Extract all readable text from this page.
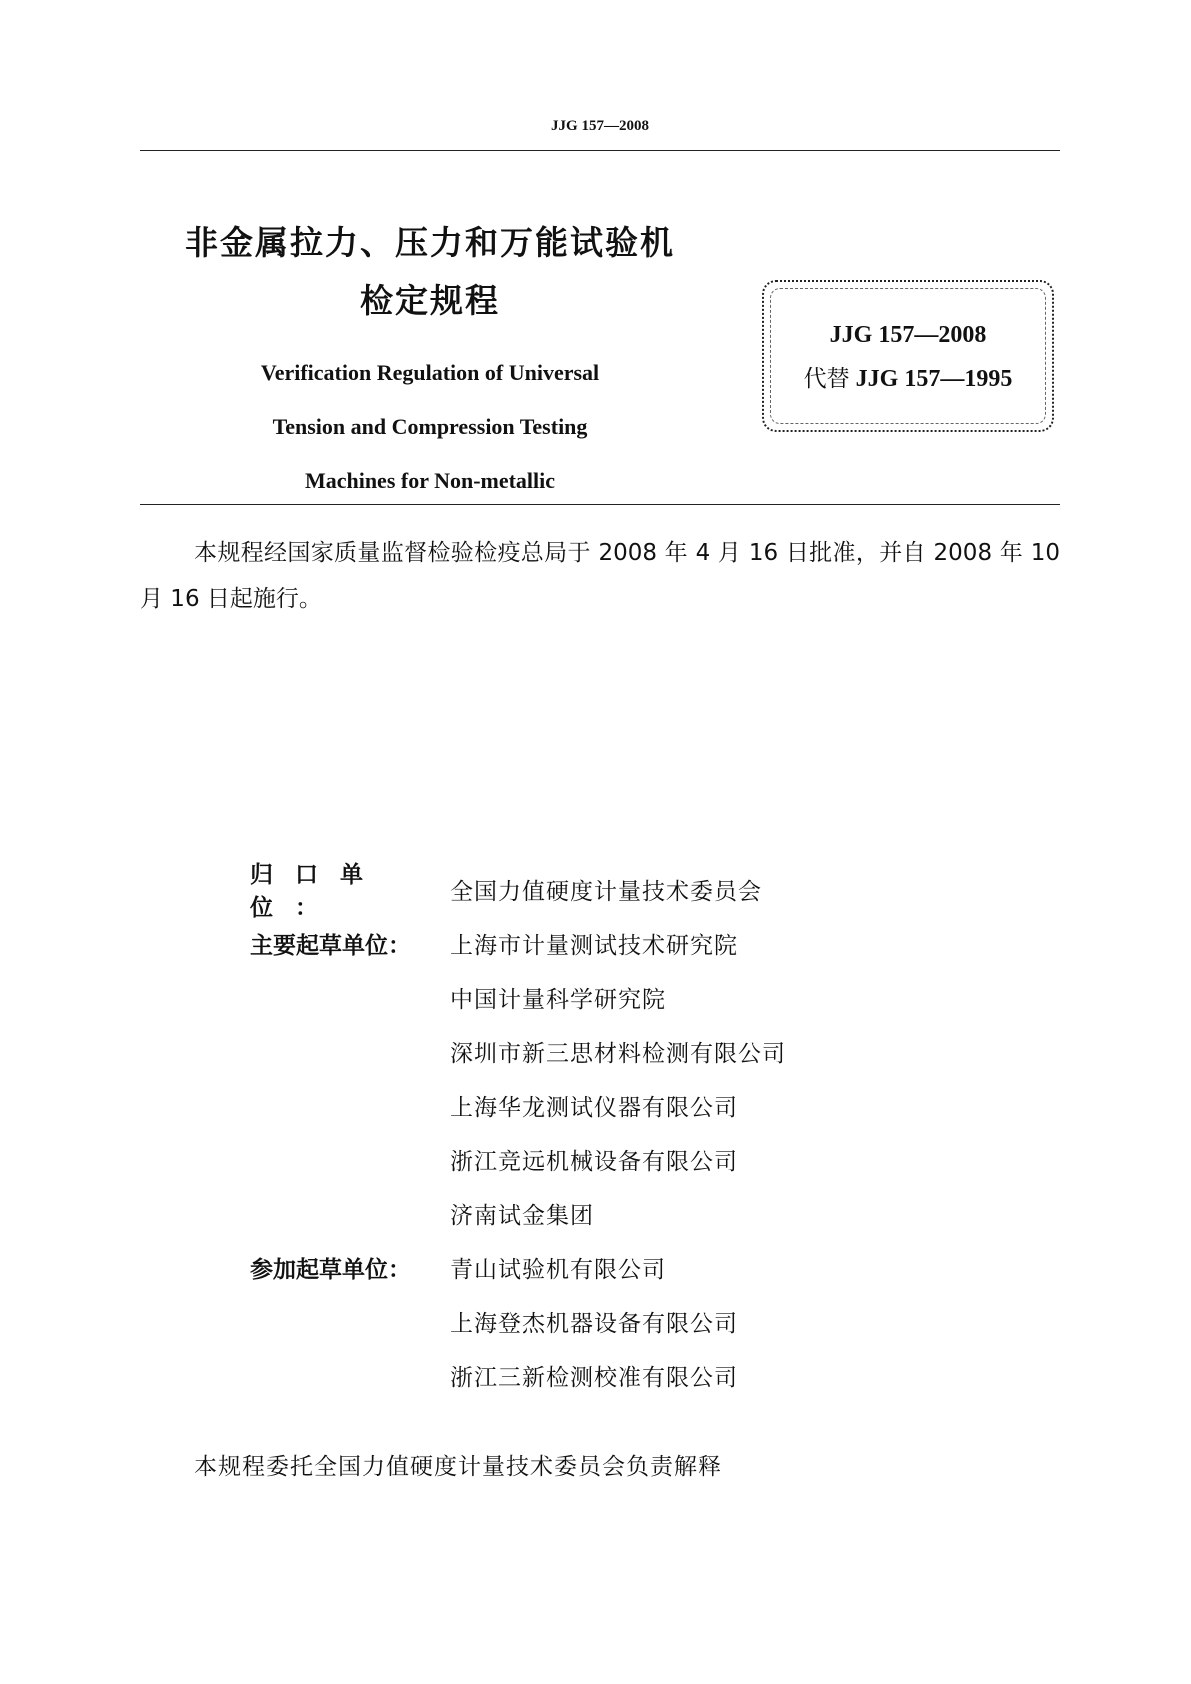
JJG 157—2008
非金属拉力、压力和万能试验机
检定规程
Verification Regulation of Universal
Tension and Compression Testing
Machines for Non-metallic
JJG 157—2008
代替 JJG 157—1995
本规程经国家质量监督检验检疫总局于 2008 年 4 月 16 日批准，并自 2008 年 10 月 16 日起施行。
归口单位：
全国力值硬度计量技术委员会
主要起草单位：	上海市计量测试技术研究院
中国计量科学研究院
深圳市新三思材料检测有限公司
上海华龙测试仪器有限公司
浙江竞远机械设备有限公司
济南试金集团
参加起草单位：	青山试验机有限公司
上海登杰机器设备有限公司
浙江三新检测校准有限公司
本规程委托全国力值硬度计量技术委员会负责解释
